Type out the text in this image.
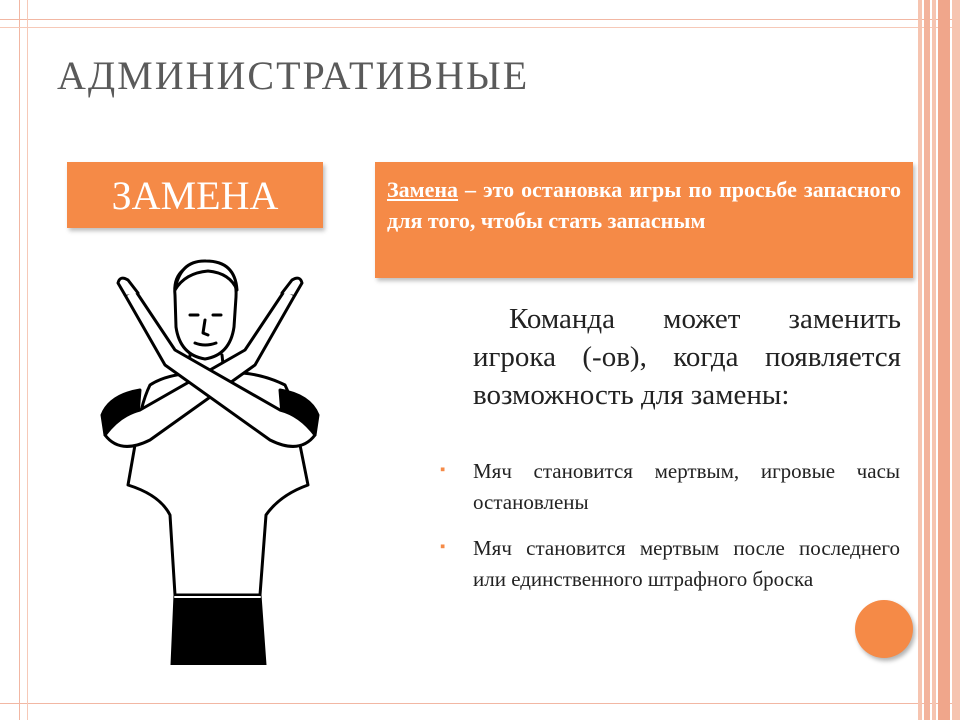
АДМИНИСТРАТИВНЫЕ
ЗАМЕНА	Замена – это остановка игры по просьбе запасного для того, чтобы стать запасным

Команда может заменить игрока (-ов), когда появляется возможность для замены:

▪ Мяч становится мертвым, игровые часы остановлены
▪ Мяч становится мертвым после последнего или единственного штрафного броска
